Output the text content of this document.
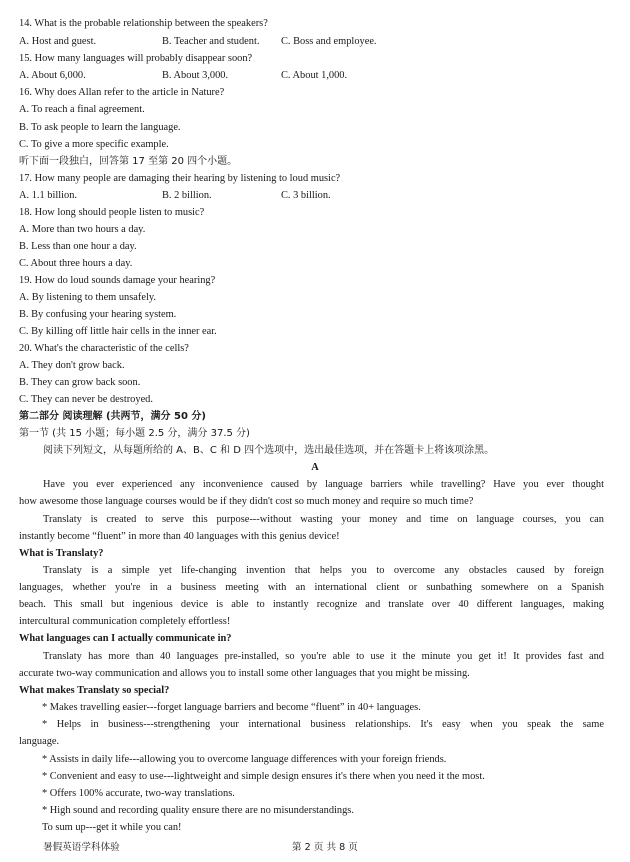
14. What is the probable relationship between the speakers?
A. Host and guest.	B. Teacher and student. C. Boss and employee.
15. How many languages will probably disappear soon?
A. About 6,000.	B. About 3,000.	C. About 1,000.
16. Why does Allan refer to the article in Nature?
A. To reach a final agreement.
B. To ask people to learn the language.
C. To give a more specific example.
听下面一段独白，回答第 17 至第 20 四个小题。
17. How many people are damaging their hearing by listening to loud music?
A. 1.1 billion.	B. 2 billion.	C. 3 billion.
18. How long should people listen to music?
A. More than two hours a day.
B. Less than one hour a day.
C. About three hours a day.
19. How do loud sounds damage your hearing?
A. By listening to them unsafely.
B. By confusing your hearing system.
C. By killing off little hair cells in the inner ear.
20. What's the characteristic of the cells?
A. They don't grow back.
B. They can grow back soon.
C. They can never be destroyed.
第二部分 阅读理解 (共两节，满分 50 分)
第一节 (共 15 小题；每小题 2.5 分，满分 37.5 分)
阅读下列短文，从每题所给的 A、B、C 和 D 四个选项中，选出最佳选项，并在答题卡上将该项涂黑。
A
Have you ever experienced any inconvenience caused by language barriers while travelling? Have you ever thought
how awesome those language courses would be if they didn't cost so much money and require so much time?
Translaty is created to serve this purpose---without wasting your money and time on language courses, you can
instantly become “fluent” in more than 40 languages with this genius device!
What is Translaty?
Translaty is a simple yet life-changing invention that helps you to overcome any obstacles caused by foreign
languages, whether you're in a business meeting with an international client or sunbathing somewhere on a Spanish
beach. This small but ingenious device is able to instantly recognize and translate over 40 different languages, making
intercultural communication completely effortless!
What languages can I actually communicate in?
Translaty has more than 40 languages pre-installed, so you're able to use it the minute you get it! It provides fast and
accurate two-way communication and allows you to install some other languages that you might be missing.
What makes Translaty so special?
* Makes travelling easier---forget language barriers and become “fluent” in 40+ languages.
* Helps in business---strengthening your international business relationships. It's easy when you speak the same
language.
* Assists in daily life---allowing you to overcome language differences with your foreign friends.
* Convenient and easy to use---lightweight and simple design ensures it's there when you need it the most.
* Offers 100% accurate, two-way translations.
* High sound and recording quality ensure there are no misunderstandings.
To sum up---get it while you can!
暑假英语学科体验	第 2 页 共 8 页
